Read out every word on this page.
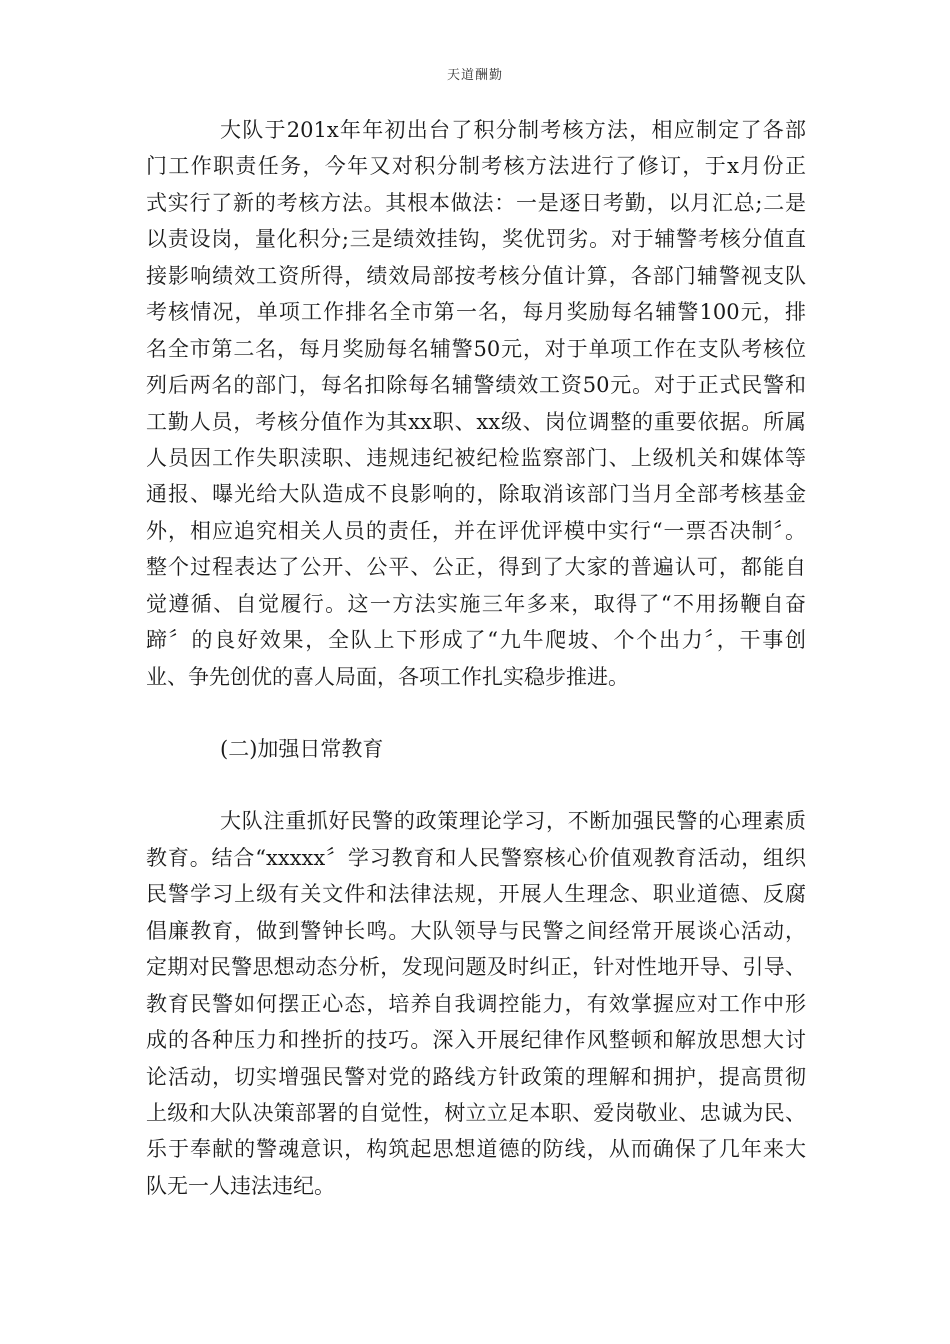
天道酬勤
大队于201x年年初出台了积分制考核方法，相应制定了各部
门工作职责任务，今年又对积分制考核方法进行了修订，于x月份正
式实行了新的考核方法。其根本做法：一是逐日考勤，以月汇总;二是
以责设岗，量化积分;三是绩效挂钩，奖优罚劣。对于辅警考核分值直
接影响绩效工资所得，绩效局部按考核分值计算，各部门辅警视支队
考核情况，单项工作排名全市第一名，每月奖励每名辅警100元，排
名全市第二名，每月奖励每名辅警50元，对于单项工作在支队考核位
列后两名的部门，每名扣除每名辅警绩效工资50元。对于正式民警和
工勤人员，考核分值作为其xx职、xx级、岗位调整的重要依据。所属
人员因工作失职渎职、违规违纪被纪检监察部门、上级机关和媒体等
通报、曝光给大队造成不良影响的，除取消该部门当月全部考核基金
外，相应追究相关人员的责任，并在评优评模中实行“一票否决制〞。
整个过程表达了公开、公平、公正，得到了大家的普遍认可，都能自
觉遵循、自觉履行。这一方法实施三年多来，取得了“不用扬鞭自奋
蹄〞的良好效果，全队上下形成了“九牛爬坡、个个出力〞，干事创
业、争先创优的喜人局面，各项工作扎实稳步推进。
(二)加强日常教育
大队注重抓好民警的政策理论学习，不断加强民警的心理素质
教育。结合“xxxxx〞学习教育和人民警察核心价值观教育活动，组织
民警学习上级有关文件和法律法规，开展人生理念、职业道德、反腐
倡廉教育，做到警钟长鸣。大队领导与民警之间经常开展谈心活动，
定期对民警思想动态分析，发现问题及时纠正，针对性地开导、引导、
教育民警如何摆正心态，培养自我调控能力，有效掌握应对工作中形
成的各种压力和挫折的技巧。深入开展纪律作风整顿和解放思想大讨
论活动，切实增强民警对党的路线方针政策的理解和拥护，提高贯彻
上级和大队决策部署的自觉性，树立立足本职、爱岗敬业、忠诚为民、
乐于奉献的警魂意识，构筑起思想道德的防线，从而确保了几年来大
队无一人违法违纪。
